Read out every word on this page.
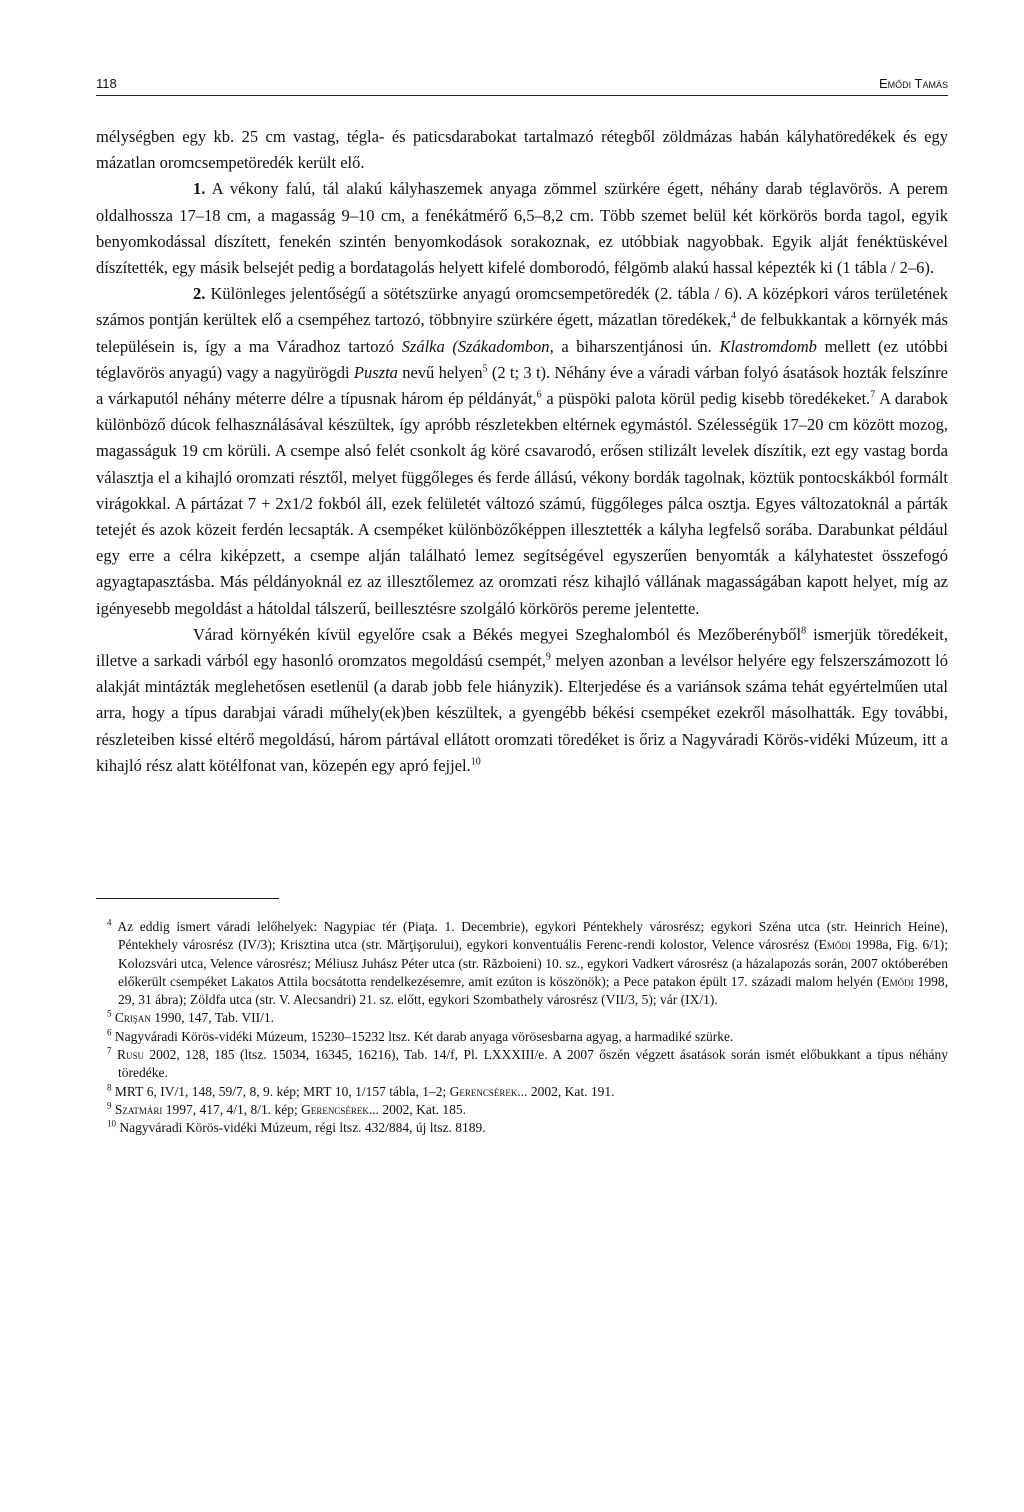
118	Emődi Tamás

mélységben egy kb. 25 cm vastag, tégla- és paticsdarabokat tartalmazó rétegből zöldmázas habán kályhatöredékek és egy mázatlan oromcsempetöredék került elő.

1. A vékony falú, tál alakú kályhaszemek anyaga zömmel szürkére égett, néhány darab téglavörös. A perem oldalhossza 17–18 cm, a magasság 9–10 cm, a fenékátmérő 6,5–8,2 cm. Több szemet belül két körkörös borda tagol, egyik benyomkodással díszített, fenekén szintén benyomkodások sorakoznak, ez utóbbiak nagyobbak. Egyik alját fenéktüskével díszítették, egy másik belsejét pedig a bordatagolás helyett kifelé domborodó, félgömb alakú hassal képezték ki (1 tábla / 2–6).

2. Különleges jelentőségű a sötétszürke anyagú oromcsempetöredék (2. tábla / 6). A középkori város területének számos pontján kerültek elő a csempéhez tartozó, többnyire szürkére égett, mázatlan töredékek,$^4$ de felbukkantak a környék más településein is, így a ma Váradhoz tartozó Szálka (Szákadombon, a biharszentjánosi ún. Klastromdomb mellett (ez utóbbi téglavörös anyagú) vagy a nagyürögdi Puszta nevű helyen$^5$ (2 t; 3 t). Néhány éve a váradi várban folyó ásatások hozták felszínre a várkaputól néhány méterre délre a típusnak három ép példányát,$^6$ a püspöki palota körül pedig kisebb töredékeket.$^7$ A darabok különböző dúcok felhasználásával készültek, így apróbb részletekben eltérnek egymástól. Szélességük 17–20 cm között mozog, magasságuk 19 cm körüli. A csempe alsó felét csonkolt ág köré csavarodó, erősen stilizált levelek díszítik, ezt egy vastag borda választja el a kihajló oromzati résztől, melyet függőleges és ferde állású, vékony bordák tagolnak, köztük pontocskákból formált virágokkal. A pártázat 7 + 2x1/2 fokból áll, ezek felületét változó számú, függőleges pálca osztja. Egyes változatoknál a párták tetejét és azok közeit ferdén lecsapták. A csempéket különbözőképpen illesztették a kályha legfelső sorába. Darabunkat például egy erre a célra kiképzett, a csempe alján található lemez segítségével egyszerűen benyomták a kályhatestet összefogó agyagtapasztásba. Más példányoknál ez az illesztőlemez az oromzati rész kihajló vállának magasságában kapott helyet, míg az igényesebb megoldást a hátoldal tálszerű, beillesztésre szolgáló körkörös pereme jelentette.

Várad környékén kívül egyelőre csak a Békés megyei Szeghalomból és Mezőberényből$^8$ ismerjük töredékeit, illetve a sarkadi várból egy hasonló oromzatos megoldású csempét,$^9$ melyen azonban a levélsor helyére egy felszerszámozott ló alakját mintázták meglehetősen esetlenül (a darab jobb fele hiányzik). Elterjedése és a variánsok száma tehát egyértelműen utal arra, hogy a típus darabjai váradi műhely(ek)ben készültek, a gyengébb békési csempéket ezekről másolhatták. Egy további, részleteiben kissé eltérő megoldású, három pártával ellátott oromzati töredéket is őriz a Nagyváradi Körös-vidéki Múzeum, itt a kihajló rész alatt kötélfonat van, közepén egy apró fejjel.$^{10}$

$^4$ Az eddig ismert váradi lelőhelyek: Nagypiac tér (Piaţa. 1. Decembrie), egykori Péntekhely városrész; egykori Széna utca (str. Heinrich Heine), Péntekhely városrész (IV/3); Krisztina utca (str. Mărţişorului), egykori konventuális Ferenc-rendi kolostor, Velence városrész (Emődi 1998a, Fig. 6/1); Kolozsvári utca, Velence városrész; Méliusz Juhász Péter utca (str. Războieni) 10. sz., egykori Vadkert városrész (a házalapozás során, 2007 októberében előkerült csempéket Lakatos Attila bocsátotta rendelkezésemre, amit ezúton is köszönök); a Pece patakon épült 17. századi malom helyén (Emődi 1998, 29, 31 ábra); Zöldfa utca (str. V. Alecsandri) 21. sz. előtt, egykori Szombathely városrész (VII/3, 5); vár (IX/1).
$^5$ Crişan 1990, 147, Tab. VII/1.
$^6$ Nagyváradi Körös-vidéki Múzeum, 15230–15232 ltsz. Két darab anyaga vörösesbarna agyag, a harmadiké szürke.
$^7$ Rusu 2002, 128, 185 (ltsz. 15034, 16345, 16216), Tab. 14/f, Pl. LXXXIII/e. A 2007 őszén végzett ásatások során ismét előbukkant a típus néhány töredéke.
$^8$ MRT 6, IV/1, 148, 59/7, 8, 9. kép; MRT 10, 1/157 tábla, 1–2; Gerencsérek... 2002, Kat. 191.
$^9$ Szatmári 1997, 417, 4/1, 8/1. kép; Gerencsérek... 2002, Kat. 185.
$^{10}$ Nagyváradi Körös-vidéki Múzeum, régi ltsz. 432/884, új ltsz. 8189.
